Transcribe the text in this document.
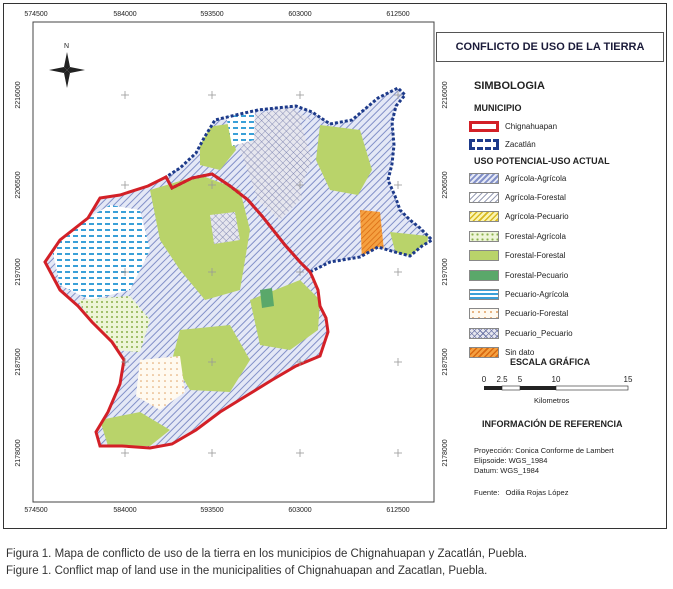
574500
574500
584000
584000
593500
593500
603000
603000
612500
612500
2216000	2216000
2206500	2206500
2197000	2197000
2187500	2187500
2178000	2178000
N	CONFLICTO DE USO DE LA TIERRA
SIMBOLOGIA
MUNICIPIO
Chignahuapan
Zacatlán
USO POTENCIAL-USO ACTUAL
Agrícola-Agrícola
Agrícola-Forestal
Agrícola-Pecuario
Forestal-Agrícola
Forestal-Forestal
Forestal-Pecuario
Pecuario-Agrícola
Pecuario-Forestal
Pecuario_Pecuario
Sin dato
ESCALA GRÁFICA
0 2.5 5	10	15
Kilometros
INFORMACIÓN DE REFERENCIA
Proyección: Conica Conforme de Lambert
Elipsoide: WGS_1984
Datum: WGS_1984
Fuente: Odilia Rojas López
Figura 1. Mapa de conflicto de uso de la tierra en los municipios de Chignahuapan y Zacatlán, Puebla.
Figure 1. Conflict map of land use in the municipalities of Chignahuapan and Zacatlan, Puebla.
